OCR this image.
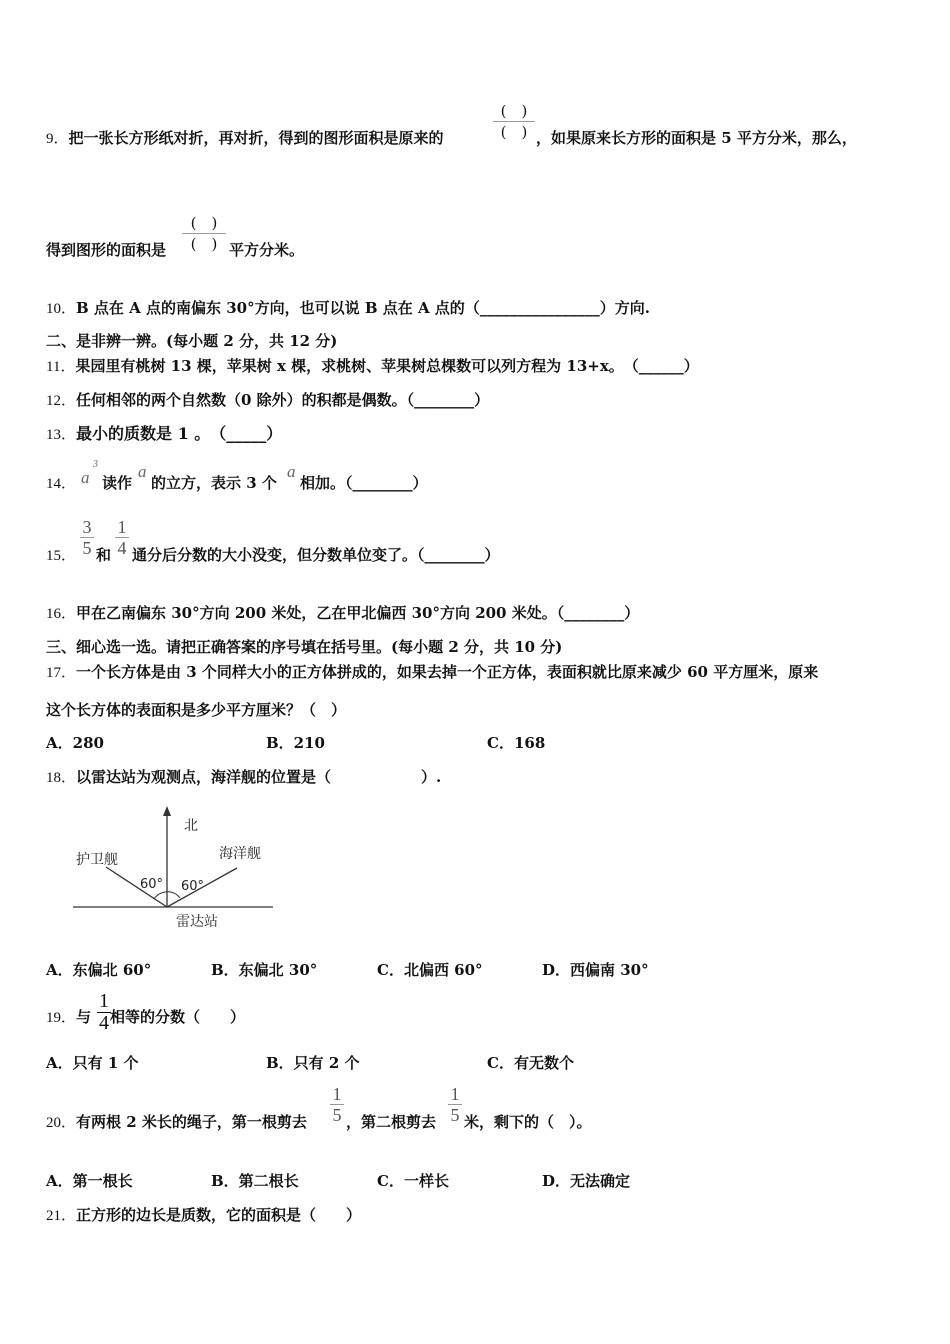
9．把一张长方形纸对折，再对折，得到的图形面积是原来的
(　)
(　) ，如果原来长方形的面积是 5 平方分米，那么，
得到图形的面积是
(　)
(　) 平方分米。
10．B 点在 A 点的南偏东 30°方向，也可以说 B 点在 A 点的（________________）方向.
二、是非辨一辨。(每小题 2 分，共 12 分)
11．果园里有桃树 13 棵，苹果树 x 棵，求桃树、苹果树总棵数可以列方程为 13+x。　（______）
12．任何相邻的两个自然数（0 除外）的积都是偶数。（________）
13．最小的质数是 1 。　（_____）
14． a
3
读作
a
的立方，表示 3 个
a
相加。（________）
15．
3
5 和
1
4 通分后分数的大小没变，但分数单位变了。（________）
16．甲在乙南偏东 30°方向 200 米处，乙在甲北偏西 30°方向 200 米处。（________）
三、细心选一选。请把正确答案的序号填在括号里。(每小题 2 分，共 10 分)
17．一个长方体是由 3 个同样大小的正方体拼成的，如果去掉一个正方体，表面积就比原来减少 60 平方厘米，原来
这个长方体的表面积是多少平方厘米？（　）
A．280	B．210	C．168
18．以雷达站为观测点，海洋舰的位置是（　　　　　　）.
北
护卫舰	海洋舰
60° 60°
雷达站
A．东偏北 60°	B．东偏北 30°	C．北偏西 60°	D．西偏南 30°
19．与
1
4 相等的分数（　　）
A．只有 1 个	B．只有 2 个	C．有无数个
20．有两根 2 米长的绳子，第一根剪去
1
5 ，第二根剪去
1
5 米，剩下的（　）。
A．第一根长	B．第二根长	C．一样长	D．无法确定
21．正方形的边长是质数，它的面积是（　　）
